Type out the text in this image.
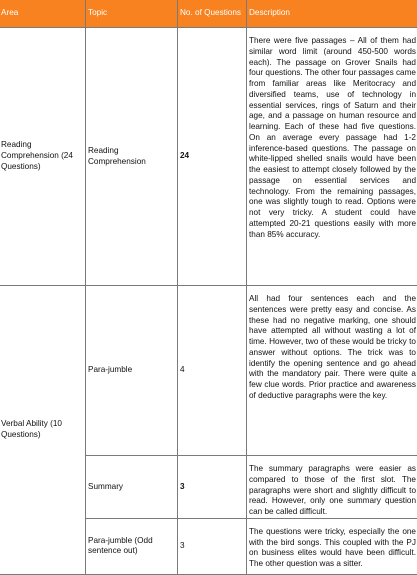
Area	Topic	No. of Questions	Description
Reading Comprehension (24 Questions)	Reading Comprehension	24	There were five passages – All of them had similar word limit (around 450-500 words each). The passage on Grover Snails had four questions. The other four passages came from familiar areas like Meritocracy and diversified teams, use of technology in essential services, rings of Saturn and their age, and a passage on human resource and learning. Each of these had five questions. On an average every passage had 1-2 inference-based questions. The passage on white-lipped shelled snails would have been the easiest to attempt closely followed by the passage on essential services and technology. From the remaining passages, one was slightly tough to read. Options were not very tricky. A student could have attempted 20-21 questions easily with more than 85% accuracy.
Verbal Ability (10 Questions)	Para-jumble	4	All had four sentences each and the sentences were pretty easy and concise. As these had no negative marking, one should have attempted all without wasting a lot of time. However, two of these would be tricky to answer without options. The trick was to identify the opening sentence and go ahead with the mandatory pair. There were quite a few clue words. Prior practice and awareness of deductive paragraphs were the key.
	Summary	3	The summary paragraphs were easier as compared to those of the first slot. The paragraphs were short and slightly difficult to read. However, only one summary question can be called difficult.
	Para-jumble (Odd sentence out)	3	The questions were tricky, especially the one with the bird songs. This coupled with the PJ on business elites would have been difficult. The other question was a sitter.
